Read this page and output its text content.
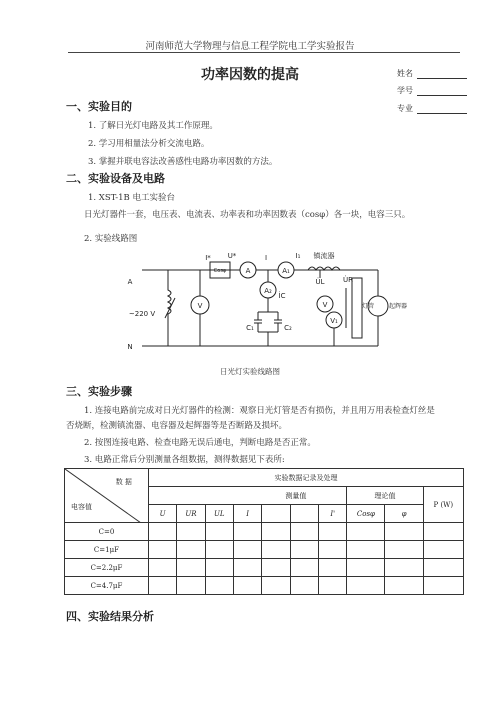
河南师范大学物理与信息工程学院电工学实验报告
功率因数的提高	姓名
学号
专业
一、实验目的
1. 了解日光灯电路及其工作原理。
2. 学习用相量法分析交流电路。
3. 掌握并联电容法改善感性电路功率因数的方法。
二、实验设备及电路
1. XST-1B 电工实验台
日光灯器件一套，电压表、电流表、功率表和功率因数表（cosφ）各一块，电容三只。
2. 实验线路图
A
N
~220 V
V
Cosφ
U*
I*
A
I
A₁
I₁
A₂
İC
镇流器
U̇L	U̇R
V
V₁
灯管 起辉器
C₁	C₂
日光灯实验线路图
三、实验步骤
1. 连接电路前完成对日光灯器件的检测：观察日光灯管是否有损伤，并且用万用表检查灯丝是
否烧断，检测镇流器、电容器及起辉器等是否断路及损坏。
2. 按图连接电路、检查电路无误后通电，判断电路是否正常。
3. 电路正常后分别测量各组数据，测得数据见下表所:
数 据
电容值	实验数据记录及处理									
	测量值							理论值		P (W)
	U	UR	UL	I			I'	Cosφ	φ	
C=0										
C=1μF										
C=2.2μF										
C=4.7μF										
四、实验结果分析
